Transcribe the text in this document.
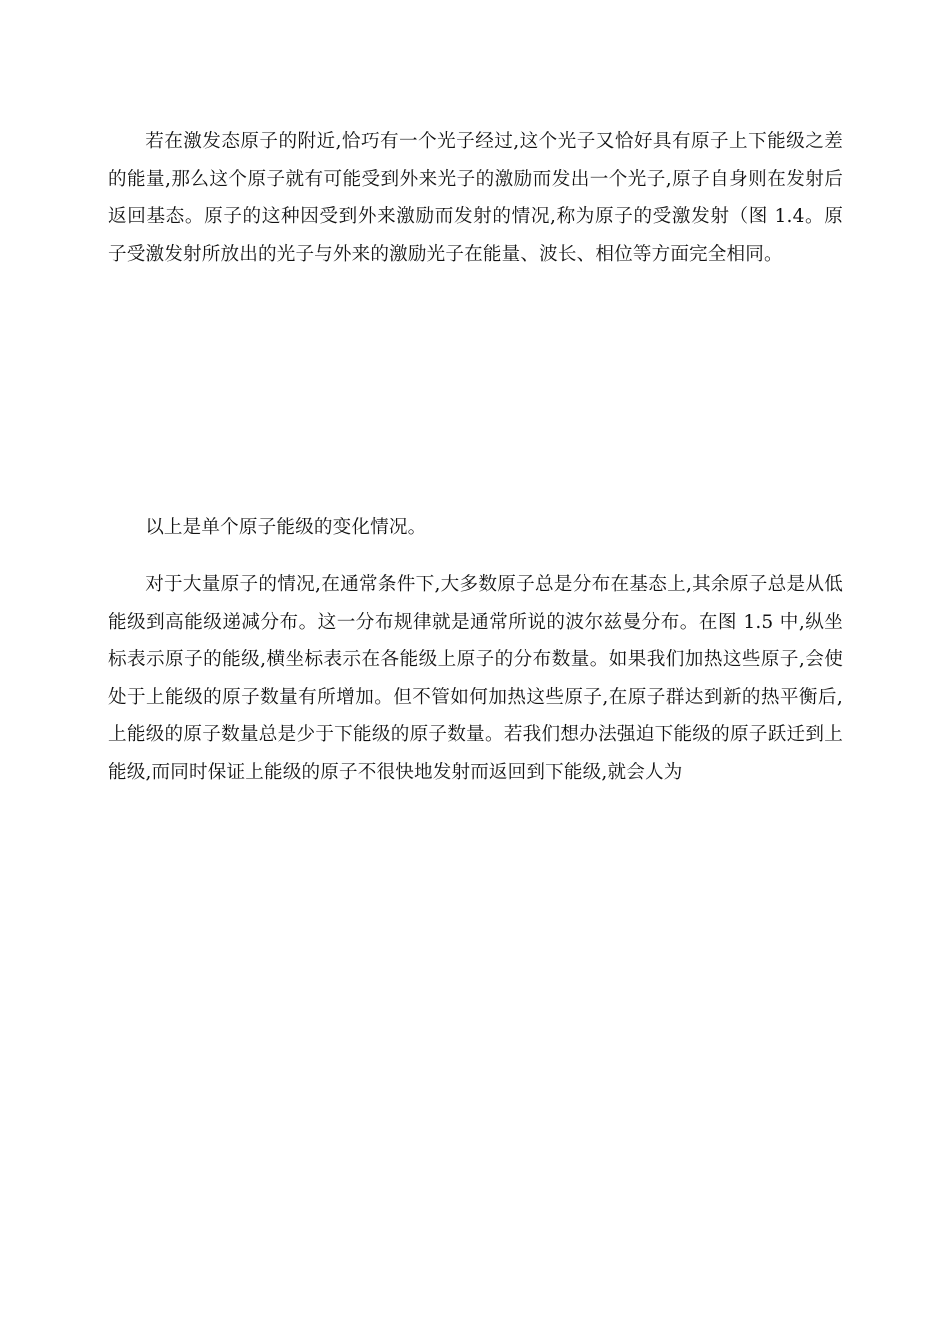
若在激发态原子的附近,恰巧有一个光子经过,这个光子又恰好具有原子上下能级之差的能量,那么这个原子就有可能受到外来光子的激励而发出一个光子,原子自身则在发射后返回基态。原子的这种因受到外来激励而发射的情况,称为原子的受激发射（图 1.4。原子受激发射所放出的光子与外来的激励光子在能量、波长、相位等方面完全相同。

以上是单个原子能级的变化情况。

对于大量原子的情况,在通常条件下,大多数原子总是分布在基态上,其余原子总是从低能级到高能级递减分布。这一分布规律就是通常所说的波尔兹曼分布。在图 1.5 中,纵坐标表示原子的能级,横坐标表示在各能级上原子的分布数量。如果我们加热这些原子,会使处于上能级的原子数量有所增加。但不管如何加热这些原子,在原子群达到新的热平衡后,上能级的原子数量总是少于下能级的原子数量。若我们想办法强迫下能级的原子跃迁到上能级,而同时保证上能级的原子不很快地发射而返回到下能级,就会人为
